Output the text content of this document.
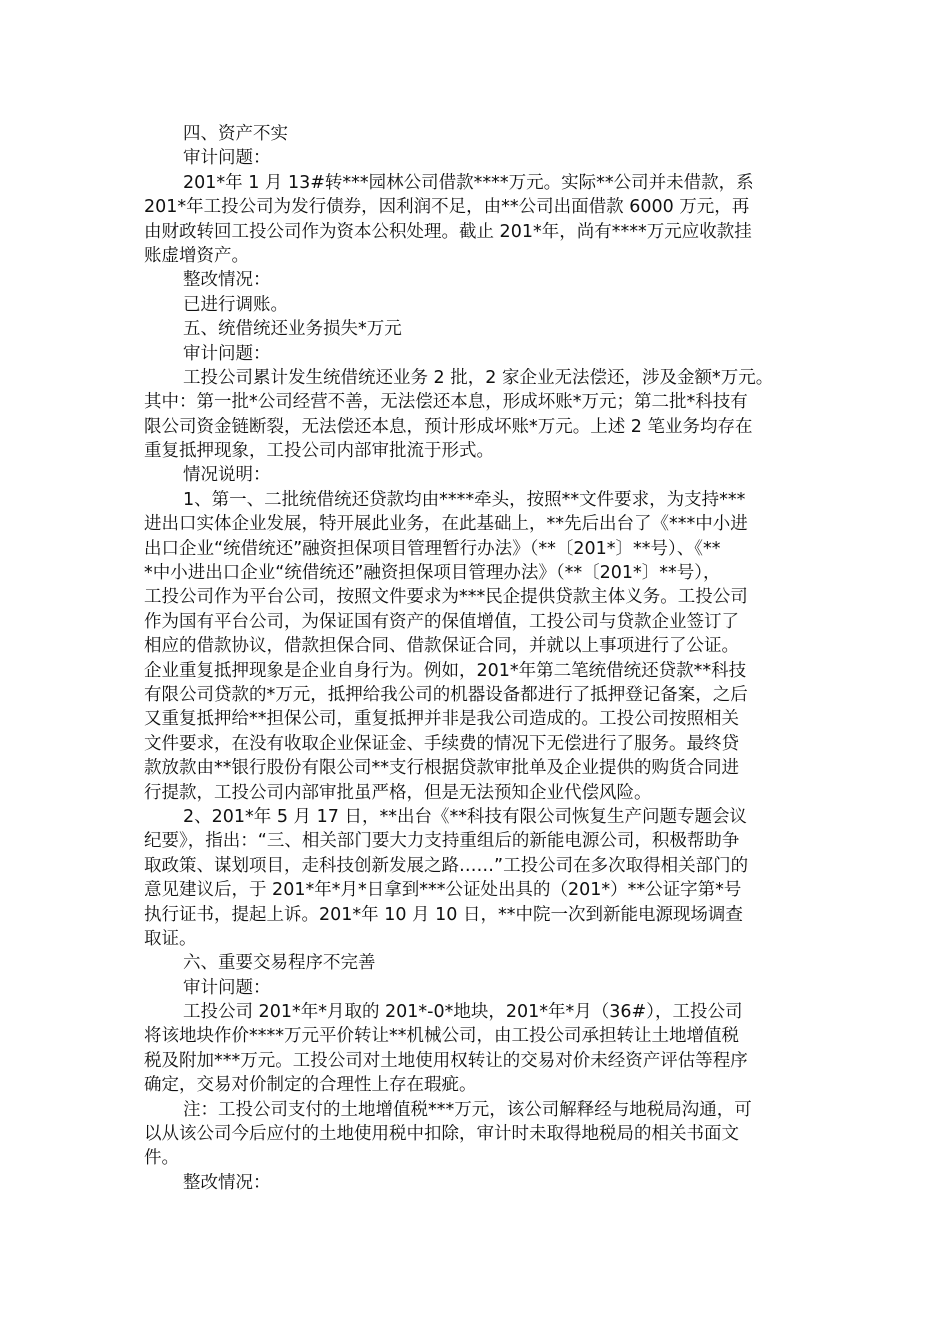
四、资产不实
审计问题：
201*年 1 月 13#转***园林公司借款****万元。实际**公司并未借款，系
201*年工投公司为发行债券，因利润不足，由**公司出面借款 6000 万元，再
由财政转回工投公司作为资本公积处理。截止 201*年，尚有****万元应收款挂
账虚增资产。
整改情况：
已进行调账。
五、统借统还业务损失*万元
审计问题：
工投公司累计发生统借统还业务 2 批，2 家企业无法偿还，涉及金额*万元。
其中：第一批*公司经营不善，无法偿还本息，形成坏账*万元；第二批*科技有
限公司资金链断裂，无法偿还本息，预计形成坏账*万元。上述 2 笔业务均存在
重复抵押现象，工投公司内部审批流于形式。
情况说明：
1、第一、二批统借统还贷款均由****牵头，按照**文件要求，为支持***
进出口实体企业发展，特开展此业务，在此基础上，**先后出台了《***中小进
出口企业“统借统还”融资担保项目管理暂行办法》（**〔201*〕**号）、《**
*中小进出口企业“统借统还”融资担保项目管理办法》（**〔201*〕**号），
工投公司作为平台公司，按照文件要求为***民企提供贷款主体义务。工投公司
作为国有平台公司，为保证国有资产的保值增值，工投公司与贷款企业签订了
相应的借款协议，借款担保合同、借款保证合同，并就以上事项进行了公证。
企业重复抵押现象是企业自身行为。例如，201*年第二笔统借统还贷款**科技
有限公司贷款的*万元，抵押给我公司的机器设备都进行了抵押登记备案，之后
又重复抵押给**担保公司，重复抵押并非是我公司造成的。工投公司按照相关
文件要求，在没有收取企业保证金、手续费的情况下无偿进行了服务。最终贷
款放款由**银行股份有限公司**支行根据贷款审批单及企业提供的购货合同进
行提款，工投公司内部审批虽严格，但是无法预知企业代偿风险。
2、201*年 5 月 17 日，**出台《**科技有限公司恢复生产问题专题会议
纪要》，指出：“三、相关部门要大力支持重组后的新能电源公司，积极帮助争
取政策、谋划项目，走科技创新发展之路……”工投公司在多次取得相关部门的
意见建议后，于 201*年*月*日拿到***公证处出具的（201*）**公证字第*号
执行证书，提起上诉。201*年 10 月 10 日，**中院一次到新能电源现场调查
取证。
六、重要交易程序不完善
审计问题：
工投公司 201*年*月取的 201*-0*地块，201*年*月（36#），工投公司
将该地块作价****万元平价转让**机械公司，由工投公司承担转让土地增值税
税及附加***万元。工投公司对土地使用权转让的交易对价未经资产评估等程序
确定，交易对价制定的合理性上存在瑕疵。
注：工投公司支付的土地增值税***万元，该公司解释经与地税局沟通，可
以从该公司今后应付的土地使用税中扣除，审计时未取得地税局的相关书面文
件。
整改情况：
